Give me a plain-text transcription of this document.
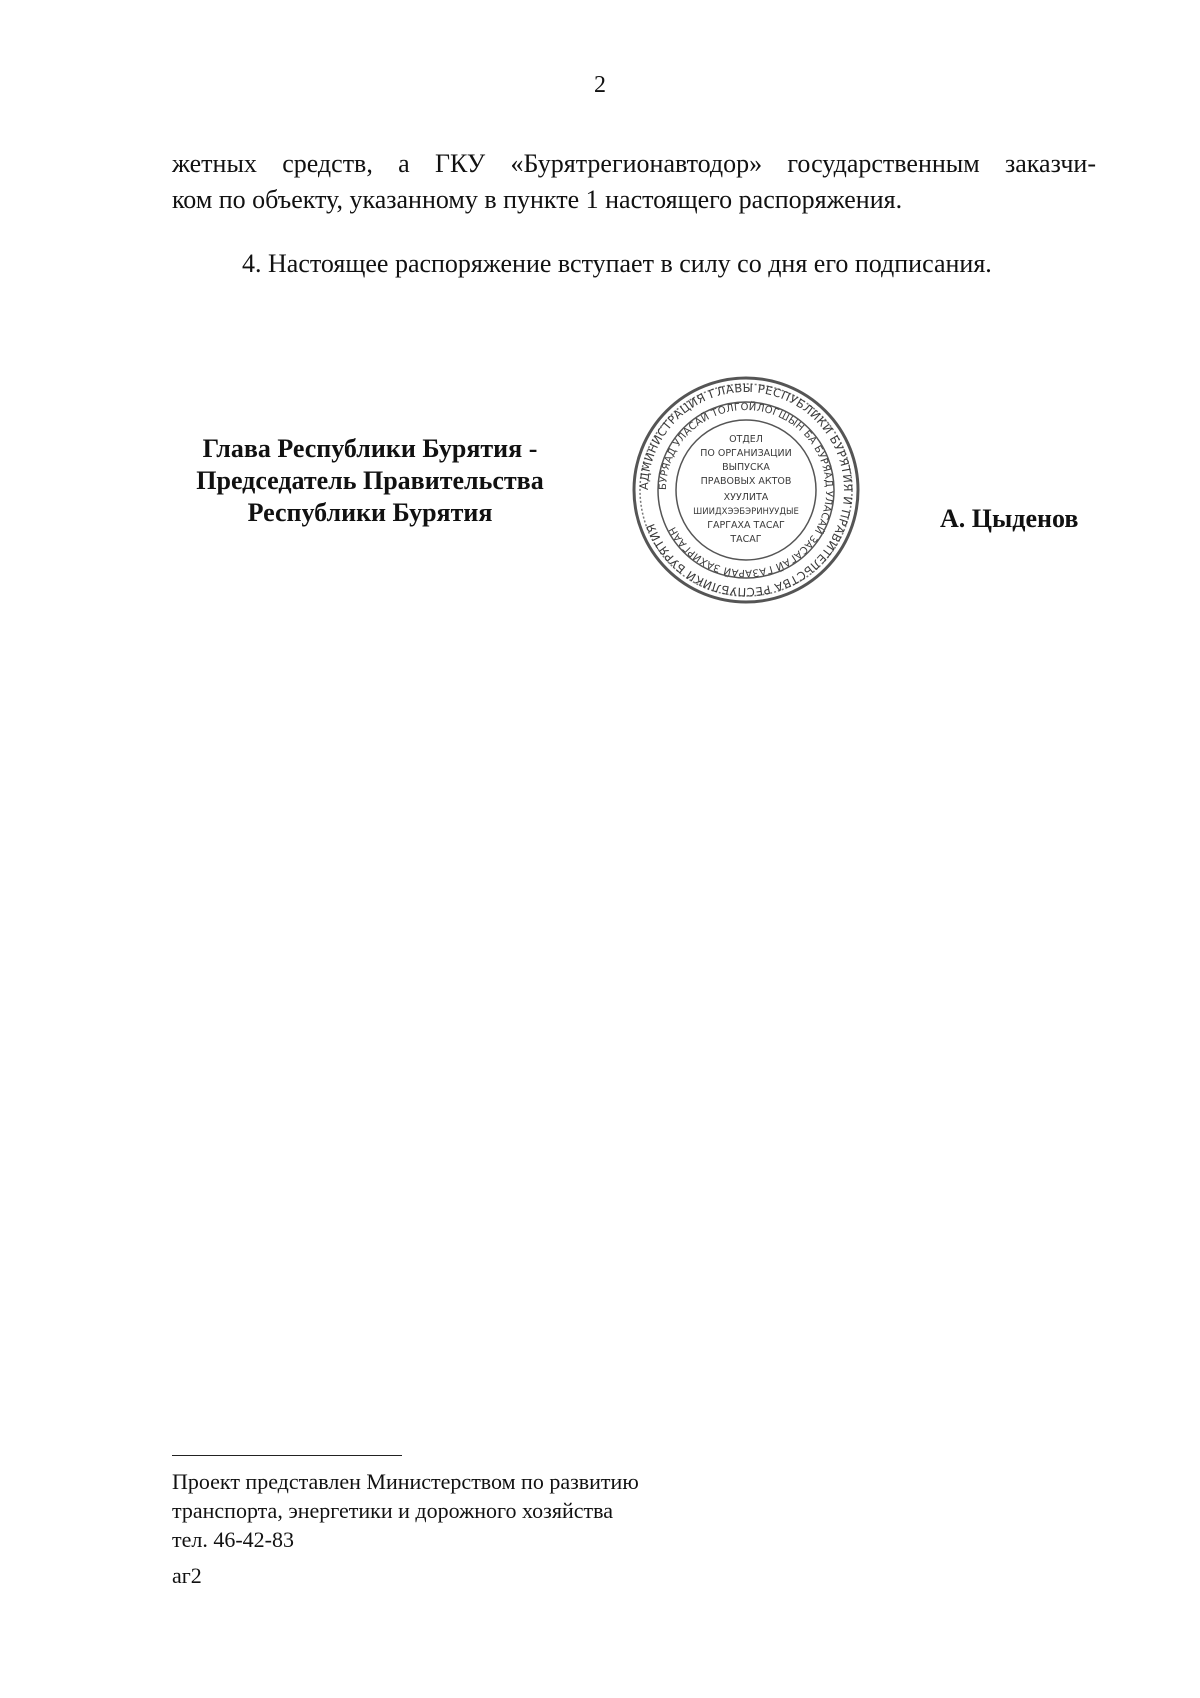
2

жетных средств, а ГКУ «Бурятрегионавтодор» государственным заказчи-
ком по объекту, указанному в пункте 1 настоящего распоряжения.

4. Настоящее распоряжение вступает в силу со дня его подписания.

Глава Республики Бурятия -
Председатель Правительства
Республики Бурятия
АДМИНИСТРАЦИЯ ГЛАВЫ РЕСПУБЛИКИ БУРЯТИЯ И ПРАВИТЕЛЬСТВА РЕСПУБЛИКИ БУРЯТИЯ
БУРЯАД УЛАСАЙ ТОЛГОЙЛОГШЫН БА БУРЯАД УЛАСАЙ ЗАСАГАЙ ГАЗАРАЙ ЗАХИРГААН
ОТДЕЛ
ПО ОРГАНИЗАЦИИ
ВЫПУСКА
ПРАВОВЫХ АКТОВ
ХУУЛИТА
ШИИДХЭЭБЭРИНУУДЫЕ
ГАРГАХА ТАСАГ
ТАСАГ
А. Цыденов
Проект представлен Министерством по развитию
транспорта, энергетики и дорожного хозяйства
тел. 46-42-83
аг2
